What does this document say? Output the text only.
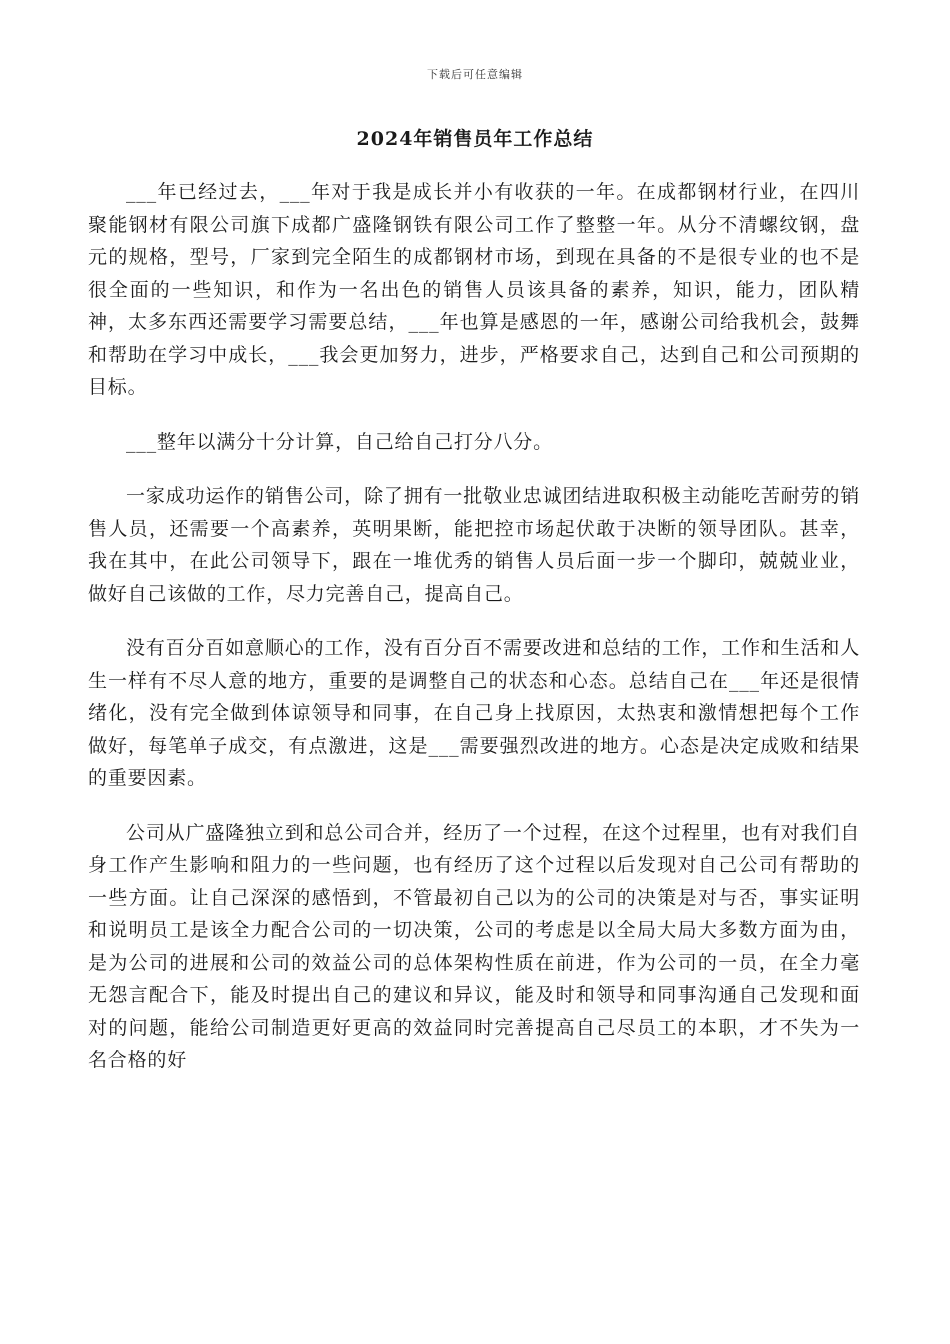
下载后可任意编辑
2024年销售员年工作总结

___年已经过去，___年对于我是成长并小有收获的一年。在成都钢材行业，在四川聚能钢材有限公司旗下成都广盛隆钢铁有限公司工作了整整一年。从分不清螺纹钢，盘元的规格，型号，厂家到完全陌生的成都钢材市场，到现在具备的不是很专业的也不是很全面的一些知识，和作为一名出色的销售人员该具备的素养，知识，能力，团队精神，太多东西还需要学习需要总结，___年也算是感恩的一年，感谢公司给我机会，鼓舞和帮助在学习中成长，___我会更加努力，进步，严格要求自己，达到自己和公司预期的目标。

___整年以满分十分计算，自己给自己打分八分。

一家成功运作的销售公司，除了拥有一批敬业忠诚团结进取积极主动能吃苦耐劳的销售人员，还需要一个高素养，英明果断，能把控市场起伏敢于决断的领导团队。甚幸，我在其中，在此公司领导下，跟在一堆优秀的销售人员后面一步一个脚印，兢兢业业，做好自己该做的工作，尽力完善自己，提高自己。

没有百分百如意顺心的工作，没有百分百不需要改进和总结的工作，工作和生活和人生一样有不尽人意的地方，重要的是调整自己的状态和心态。总结自己在___年还是很情绪化，没有完全做到体谅领导和同事，在自己身上找原因，太热衷和激情想把每个工作做好，每笔单子成交，有点激进，这是___需要强烈改进的地方。心态是决定成败和结果的重要因素。

公司从广盛隆独立到和总公司合并，经历了一个过程，在这个过程里，也有对我们自身工作产生影响和阻力的一些问题，也有经历了这个过程以后发现对自己公司有帮助的一些方面。让自己深深的感悟到，不管最初自己以为的公司的决策是对与否，事实证明和说明员工是该全力配合公司的一切决策，公司的考虑是以全局大局大多数方面为由，是为公司的进展和公司的效益公司的总体架构性质在前进，作为公司的一员，在全力毫无怨言配合下，能及时提出自己的建议和异议，能及时和领导和同事沟通自己发现和面对的问题，能给公司制造更好更高的效益同时完善提高自己尽员工的本职，才不失为一名合格的好
